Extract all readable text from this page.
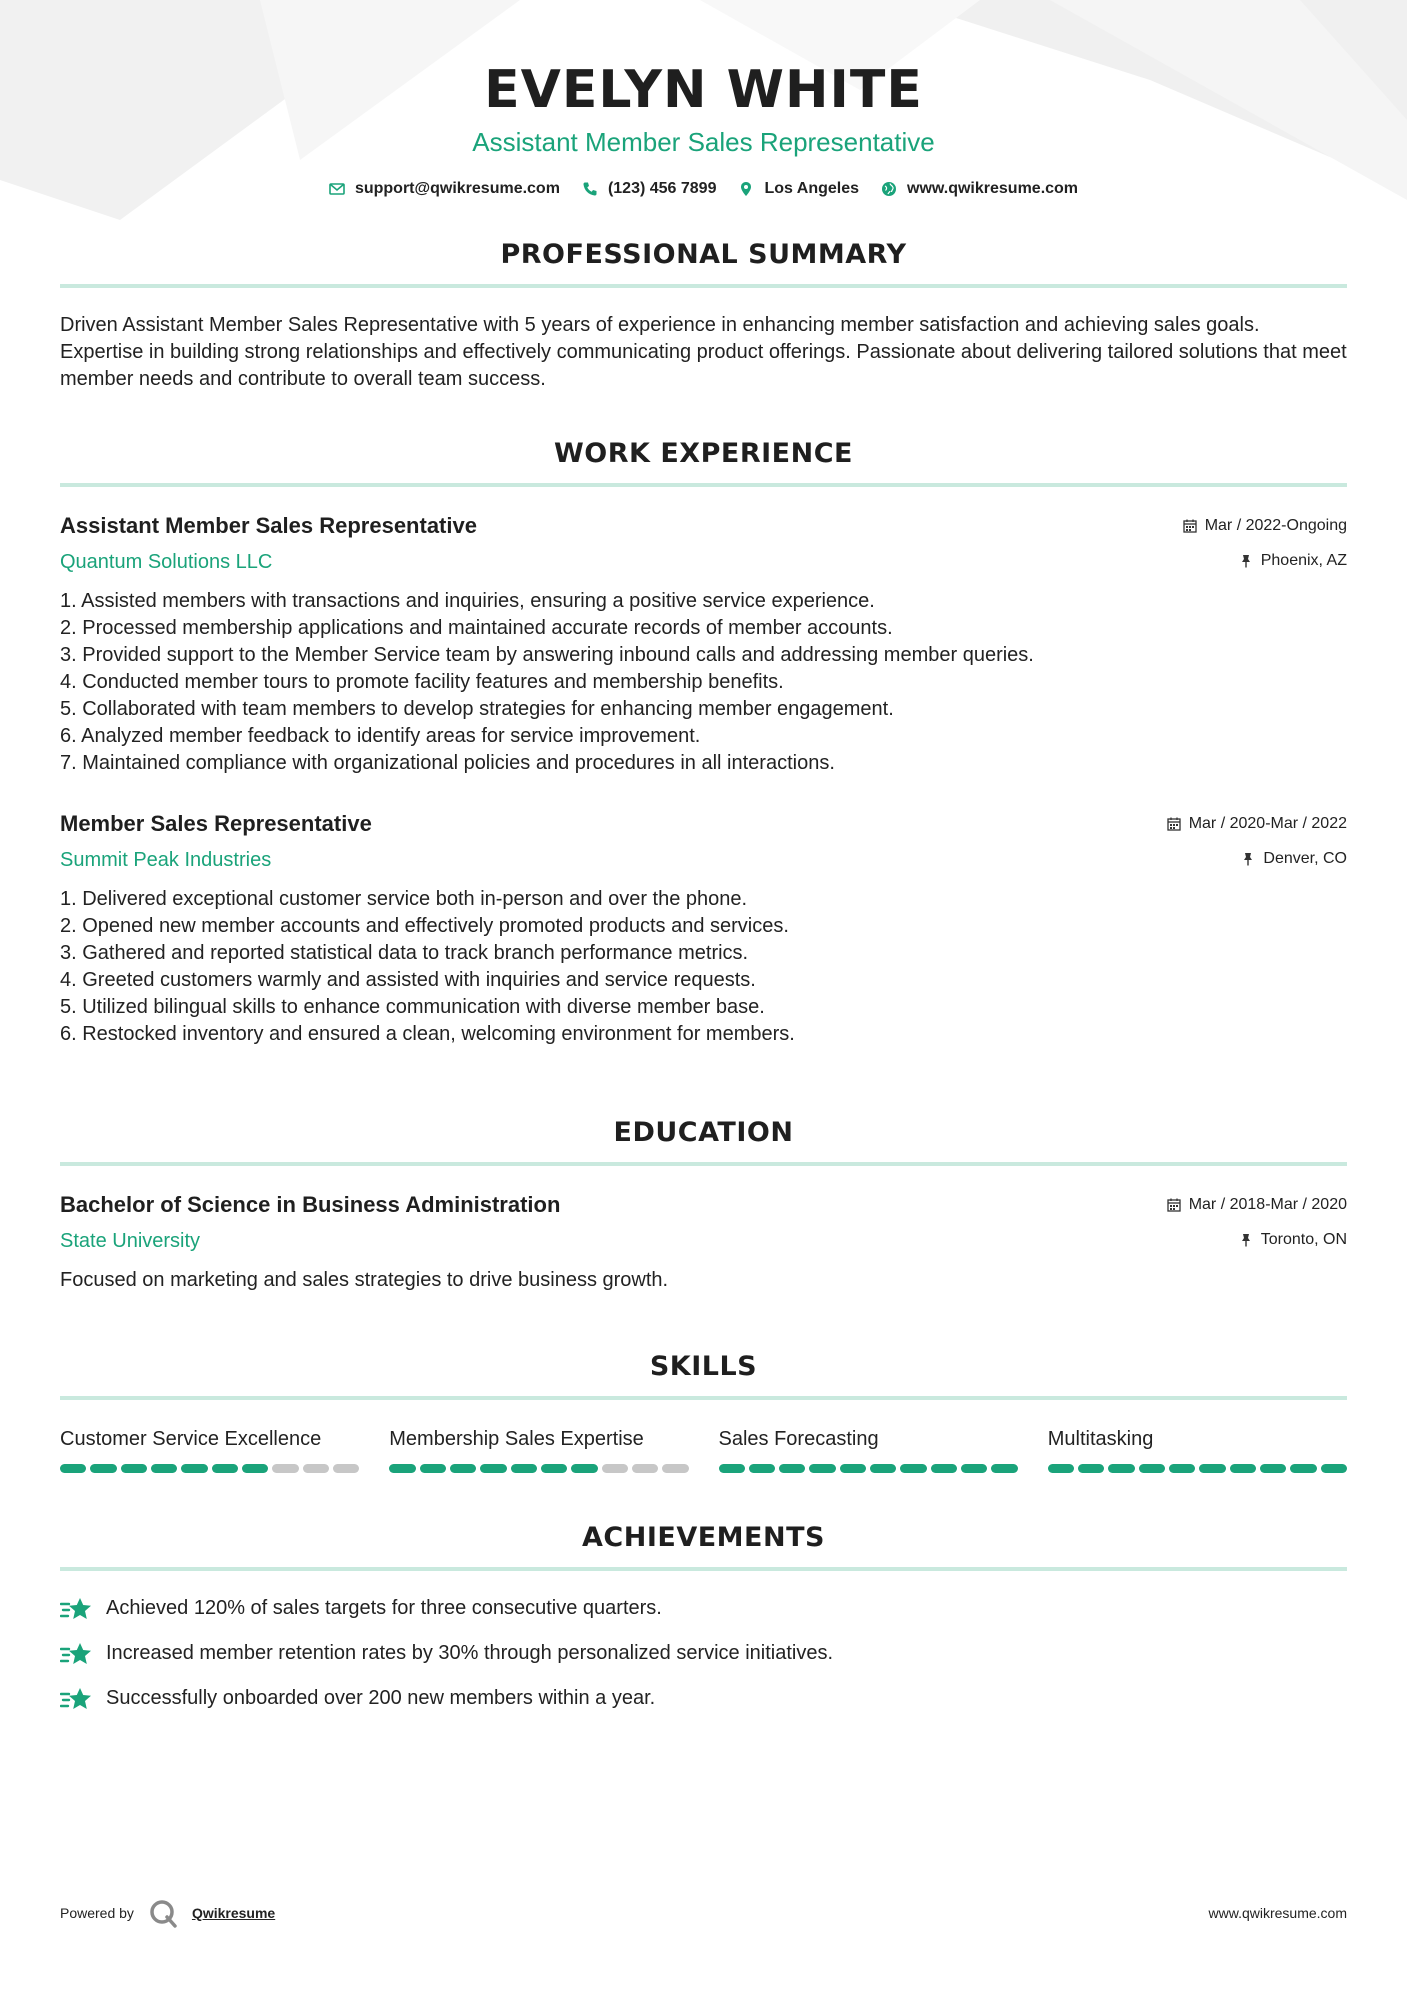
EVELYN WHITE
Assistant Member Sales Representative
support@qwikresume.com	(123) 456 7899	Los Angeles	www.qwikresume.com
PROFESSIONAL SUMMARY
Driven Assistant Member Sales Representative with 5 years of experience in enhancing member satisfaction and achieving sales goals. Expertise in building strong relationships and effectively communicating product offerings. Passionate about delivering tailored solutions that meet member needs and contribute to overall team success.
WORK EXPERIENCE
Assistant Member Sales Representative	Mar / 2022-Ongoing
Quantum Solutions LLC	Phoenix, AZ
1. Assisted members with transactions and inquiries, ensuring a positive service experience.
2. Processed membership applications and maintained accurate records of member accounts.
3. Provided support to the Member Service team by answering inbound calls and addressing member queries.
4. Conducted member tours to promote facility features and membership benefits.
5. Collaborated with team members to develop strategies for enhancing member engagement.
6. Analyzed member feedback to identify areas for service improvement.
7. Maintained compliance with organizational policies and procedures in all interactions.
Member Sales Representative	Mar / 2020-Mar / 2022
Summit Peak Industries	Denver, CO
1. Delivered exceptional customer service both in-person and over the phone.
2. Opened new member accounts and effectively promoted products and services.
3. Gathered and reported statistical data to track branch performance metrics.
4. Greeted customers warmly and assisted with inquiries and service requests.
5. Utilized bilingual skills to enhance communication with diverse member base.
6. Restocked inventory and ensured a clean, welcoming environment for members.
EDUCATION
Bachelor of Science in Business Administration	Mar / 2018-Mar / 2020
State University	Toronto, ON
Focused on marketing and sales strategies to drive business growth.
SKILLS
Customer Service Excellence	Membership Sales Expertise	Sales Forecasting	Multitasking
ACHIEVEMENTS
Achieved 120% of sales targets for three consecutive quarters.
Increased member retention rates by 30% through personalized service initiatives.
Successfully onboarded over 200 new members within a year.
Powered by	Qwikresume	www.qwikresume.com
